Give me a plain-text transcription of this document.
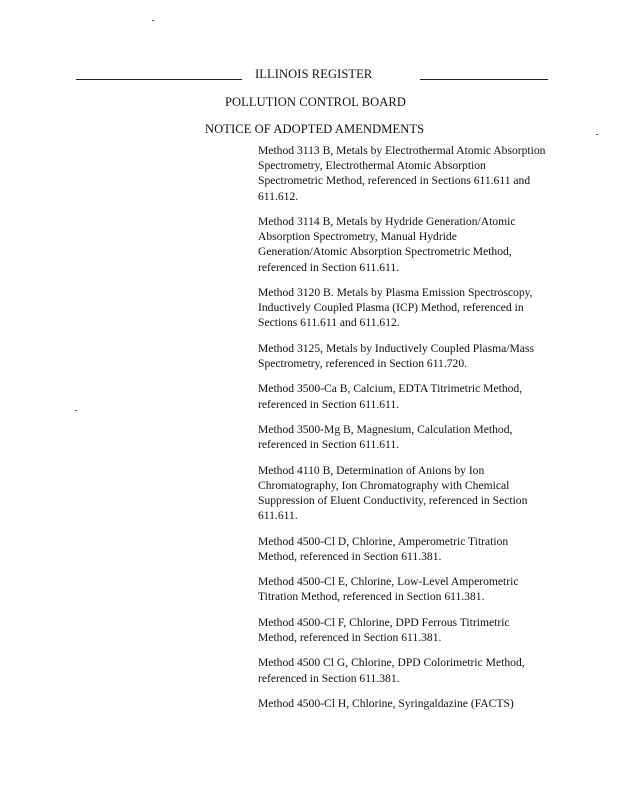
ILLINOIS REGISTER
POLLUTION CONTROL BOARD
NOTICE OF ADOPTED AMENDMENTS

Method 3113 B, Metals by Electrothermal Atomic Absorption Spectrometry, Electrothermal Atomic Absorption Spectrometric Method, referenced in Sections 611.611 and 611.612.

Method 3114 B, Metals by Hydride Generation/Atomic Absorption Spectrometry, Manual Hydride Generation/Atomic Absorption Spectrometric Method, referenced in Section 611.611.

Method 3120 B. Metals by Plasma Emission Spectroscopy, Inductively Coupled Plasma (ICP) Method, referenced in Sections 611.611 and 611.612.

Method 3125, Metals by Inductively Coupled Plasma/Mass Spectrometry, referenced in Section 611.720.

Method 3500-Ca B, Calcium, EDTA Titrimetric Method, referenced in Section 611.611.

Method 3500-Mg B, Magnesium, Calculation Method, referenced in Section 611.611.

Method 4110 B, Determination of Anions by Ion Chromatography, Ion Chromatography with Chemical Suppression of Eluent Conductivity, referenced in Section 611.611.

Method 4500-Cl D, Chlorine, Amperometric Titration Method, referenced in Section 611.381.

Method 4500-Cl E, Chlorine, Low-Level Amperometric Titration Method, referenced in Section 611.381.

Method 4500-Cl F, Chlorine, DPD Ferrous Titrimetric Method, referenced in Section 611.381.

Method 4500 Cl G, Chlorine, DPD Colorimetric Method, referenced in Section 611.381.

Method 4500-Cl H, Chlorine, Syringaldazine (FACTS)
